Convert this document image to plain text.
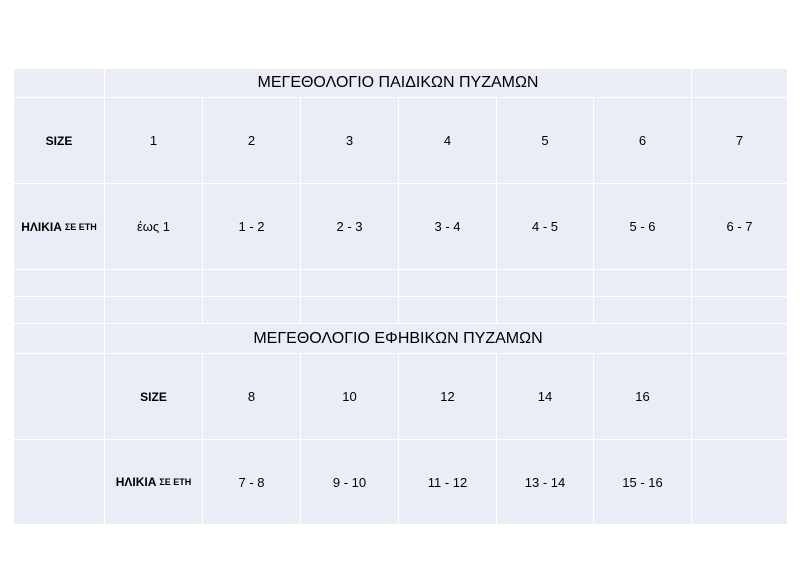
ΜΕΓΕΘΟΛΟΓΙΟ ΠΑΙΔΙΚΩΝ ΠΥΖΑΜΩΝ
SIZE	1	2	3	4	5	6	7
ΗΛΙΚΙΑ ΣΕ ΕΤΗ	έως 1	1 - 2	2 - 3	3 - 4	4 - 5	5 - 6	6 - 7
ΜΕΓΕΘΟΛΟΓΙΟ ΕΦΗΒΙΚΩΝ ΠΥΖΑΜΩΝ
SIZE	8	10	12	14	16
ΗΛΙΚΙΑ ΣΕ ΕΤΗ	7 - 8	9 - 10	11 - 12	13 - 14	15 - 16
